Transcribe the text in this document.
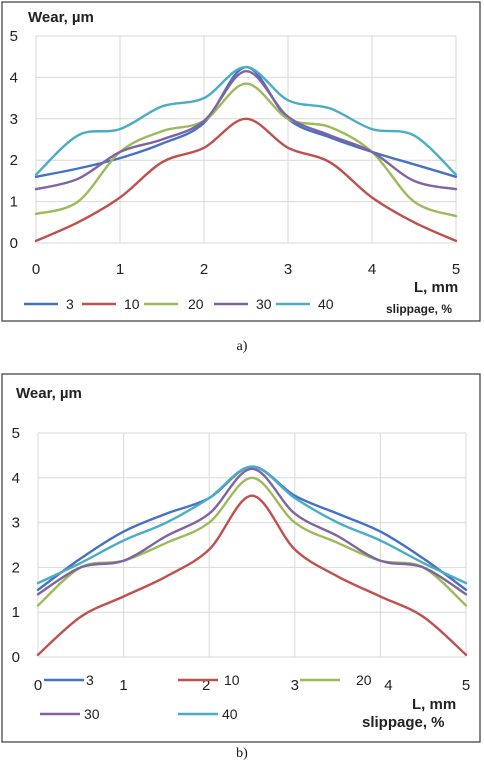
Wear, µm
0
1
2
3
4
5
0	1	2	3	4	5
L, mm
3	10	20	30	40	slippage, %
a)
Wear, µm
0
1
2
3
4
5
0	1	2	3	4	5
L, mm
3	10	20
30	40	slippage, %
b)
